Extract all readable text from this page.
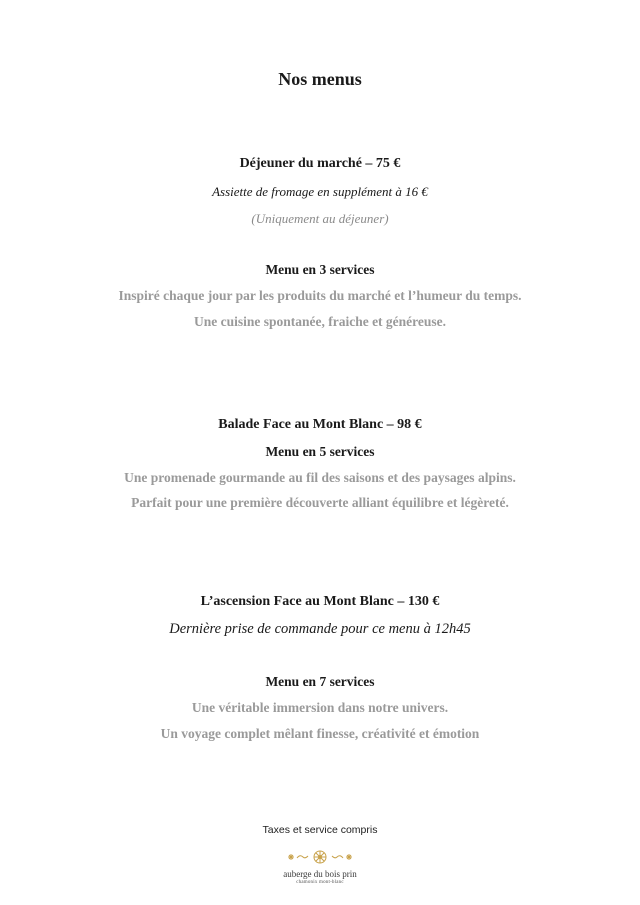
Nos menus
Déjeuner du marché – 75 €
Assiette de fromage en supplément à 16 €
(Uniquement au déjeuner)
Menu en 3 services
Inspiré chaque jour par les produits du marché et l’humeur du temps.
Une cuisine spontanée, fraiche et généreuse.
Balade Face au Mont Blanc – 98 €
Menu en 5 services
Une promenade gourmande au fil des saisons et des paysages alpins.
Parfait pour une première découverte alliant équilibre et légèreté.
L’ascension Face au Mont Blanc – 130 €
Dernière prise de commande pour ce menu à 12h45
Menu en 7 services
Une véritable immersion dans notre univers.
Un voyage complet mêlant finesse, créativité et émotion
Taxes et service compris
auberge du bois prin
chamonix mont-blanc
